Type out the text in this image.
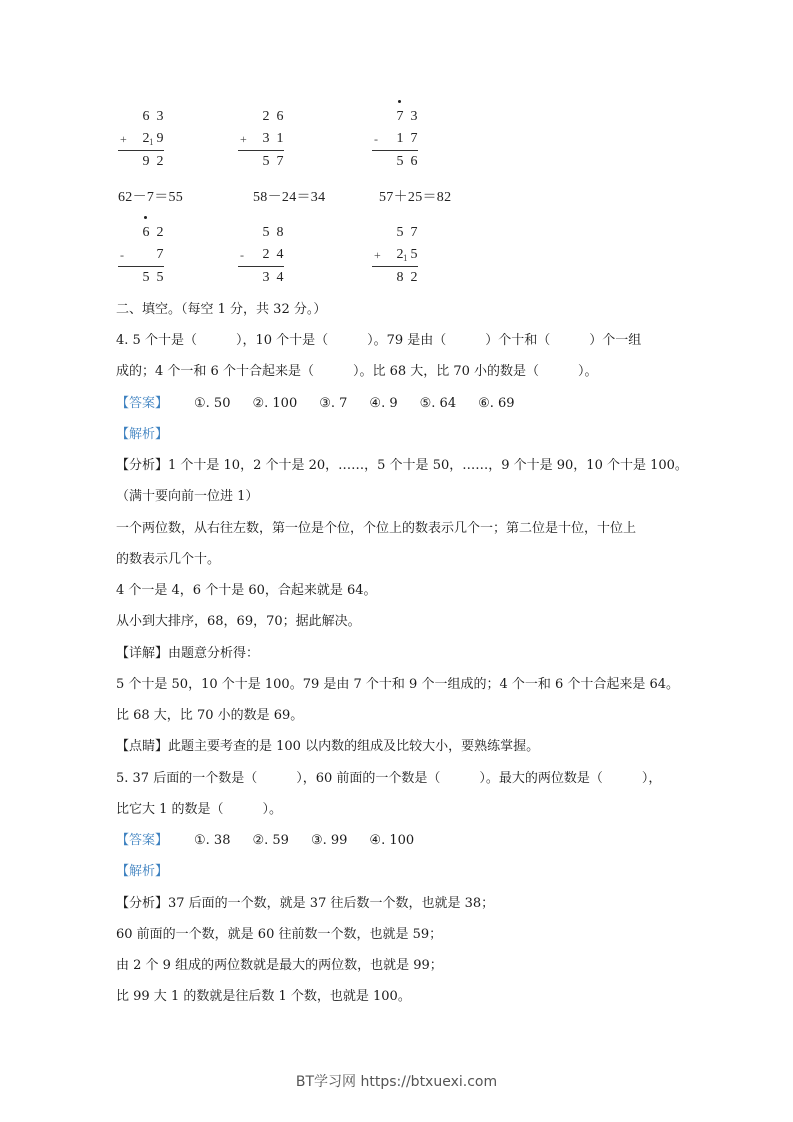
6 3
+ 2 1 9
9 2
2 6
+ 3 1
5 7
7 3
- 1 7
5 6
62－7＝55	58－24＝34	57＋25＝82
6 2
- 7
5 5
5 8
- 2 4
3 4
5 7
+ 2 1 5
8 2
二、填空。（每空 1 分，共 32 分。）
4. 5 个十是（　　　），10 个十是（　　　）。79 是由（　　　）个十和（　　　）个一组
成的；4 个一和 6 个十合起来是（　　　）。比 68 大，比 70 小的数是（　　　）。
【答案】 ①. 50 ②. 100 ③. 7 ④. 9 ⑤. 64 ⑥. 69
【解析】
【分析】1 个十是 10，2 个十是 20，……，5 个十是 50，……，9 个十是 90，10 个十是 100。
（满十要向前一位进 1）
一个两位数，从右往左数，第一位是个位，个位上的数表示几个一；第二位是十位，十位上
的数表示几个十。
4 个一是 4，6 个十是 60，合起来就是 64。
从小到大排序，68，69，70；据此解决。
【详解】由题意分析得：
5 个十是 50，10 个十是 100。79 是由 7 个十和 9 个一组成的；4 个一和 6 个十合起来是 64。
比 68 大，比 70 小的数是 69。
【点睛】此题主要考查的是 100 以内数的组成及比较大小，要熟练掌握。
5. 37 后面的一个数是（　　　），60 前面的一个数是（　　　）。最大的两位数是（　　　），
比它大 1 的数是（　　　）。
【答案】 ①. 38 ②. 59 ③. 99 ④. 100
【解析】
【分析】37 后面的一个数，就是 37 往后数一个数，也就是 38；
60 前面的一个数，就是 60 往前数一个数，也就是 59；
由 2 个 9 组成的两位数就是最大的两位数，也就是 99；
比 99 大 1 的数就是往后数 1 个数，也就是 100。
BT学习网 https://btxuexi.com
